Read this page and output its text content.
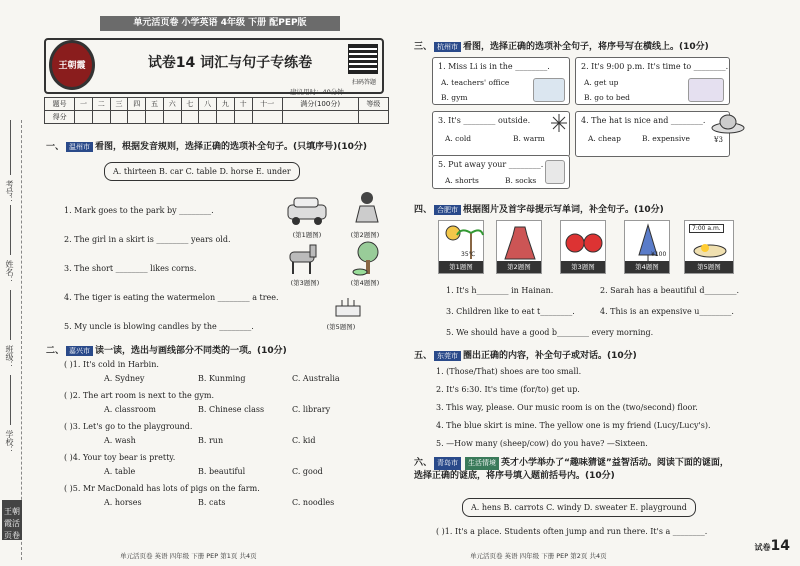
单元活页卷 小学英语 4年级 下册 配PEP版
考号：
姓名：
班级：
学校：
王朝霞活页卷
王朝霞	试卷14 词汇与句子专练卷
扫码答题
建议用时：40分钟
题号	一	二	三	四	五	六	七	八	九	十	十一	满分(100分)	等级
得分													
一、 温州市 看图，根据发音规则，选择正确的选项补全句子。(只填序号)(10分)
A. thirteen B. car C. table D. horse E. under
1. Mark goes to the park by ________.
2. The girl in a skirt is ________ years old.
3. The short ________ likes corns.
4. The tiger is eating the watermelon ________ a tree.
5. My uncle is blowing candles by the ________.
(第1题图)	(第2题图)
(第3题图)	(第4题图)
(第5题图)
二、 嘉兴市 读一读，选出与画线部分不同类的一项。(10分)
( )1. It's cold in Harbin.
A. Sydney	B. Kunming	C. Australia
( )2. The art room is next to the gym.
A. classroom	B. Chinese class	C. library
( )3. Let's go to the playground.
A. wash	B. run	C. kid
( )4. Your toy bear is pretty.
A. table	B. beautiful	C. good
( )5. Mr MacDonald has lots of pigs on the farm.
A. horses	B. cats	C. noodles
三、 杭州市 看图，选择正确的选项补全句子，将序号写在横线上。(10分)
1. Miss Li is in the ________.
A. teachers' office
B. gym
2. It's 9:00 p.m. It's time to ________.
A. get up
B. go to bed
3. It's ________ outside.
A. cold	B. warm
4. The hat is nice and ________.
A. cheap	B. expensive	¥3
5. Put away your ________.
A. shorts	B. socks
四、 合肥市 根据图片及首字母提示写单词，补全句子。(10分)
35℃
第1题图	第2题图	第3题图
¥100
第4题图
7:00 a.m.
第5题图
1. It's h________ in Hainan.	2. Sarah has a beautiful d________.
3. Children like to eat t________.	4. This is an expensive u________.
5. We should have a good b________ every morning.
五、 东莞市 圈出正确的内容，补全句子或对话。(10分)
1. (Those/That) shoes are too small.
2. It's 6:30. It's time (for/to) get up.
3. This way, please. Our music room is on the (two/second) floor.
4. The blue skirt is mine. The yellow one is my friend (Lucy/Lucy's).
5. —How many (sheep/cow) do you have? —Sixteen.
六、 青岛市 生活情境 英才小学举办了“趣味猜谜”益智活动。阅读下面的谜面，选择正确的谜底，将序号填入题前括号内。(10分)
A. hens B. carrots C. windy D. sweater E. playground
( )1. It's a place. Students often jump and run there. It's a ________.
单元活页卷 英语 四年级 下册 PEP 第1页 共4页	单元活页卷 英语 四年级 下册 PEP 第2页 共4页
试卷14
